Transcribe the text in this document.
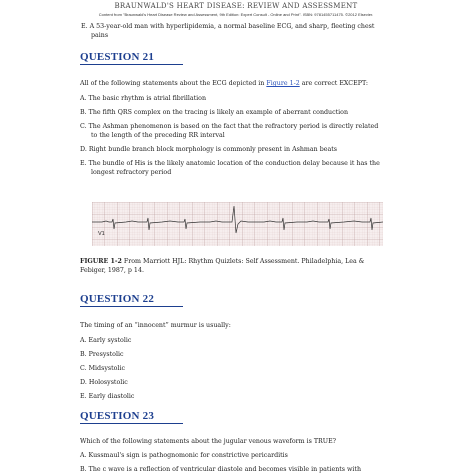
BRAUNWALD'S HEART DISEASE: REVIEW AND ASSESSMENT
Content from "Braunwald's Heart Disease Review and Assessment, 9th Edition: Expert Consult - Online and Print". ISBN: 9781455711475. ©2012 Elsevier.
E. A 53-year-old man with hyperlipidemia, a normal baseline ECG, and sharp, fleeting chest
pains
QUESTION 21
All of the following statements about the ECG depicted in Figure 1-2 are correct EXCEPT:
A. The basic rhythm is atrial fibrillation
B. The fifth QRS complex on the tracing is likely an example of aberrant conduction
C. The Ashman phenomenon is based on the fact that the refractory period is directly related
to the length of the preceding RR interval
D. Right bundle branch block morphology is commonly present in Ashman beats
E. The bundle of His is the likely anatomic location of the conduction delay because it has the
longest refractory period
V1
FIGURE 1-2 From Marriott HJL: Rhythm Quizlets: Self Assessment. Philadelphia, Lea &
Febiger, 1987, p 14.
QUESTION 22
The timing of an “innocent” murmur is usually:
A. Early systolic
B. Presystolic
C. Midsystolic
D. Holosystolic
E. Early diastolic
QUESTION 23
Which of the following statements about the jugular venous waveform is TRUE?
A. Kussmaul's sign is pathognomonic for constrictive pericarditis
B. The c wave is a reflection of ventricular diastole and becomes visible in patients with
